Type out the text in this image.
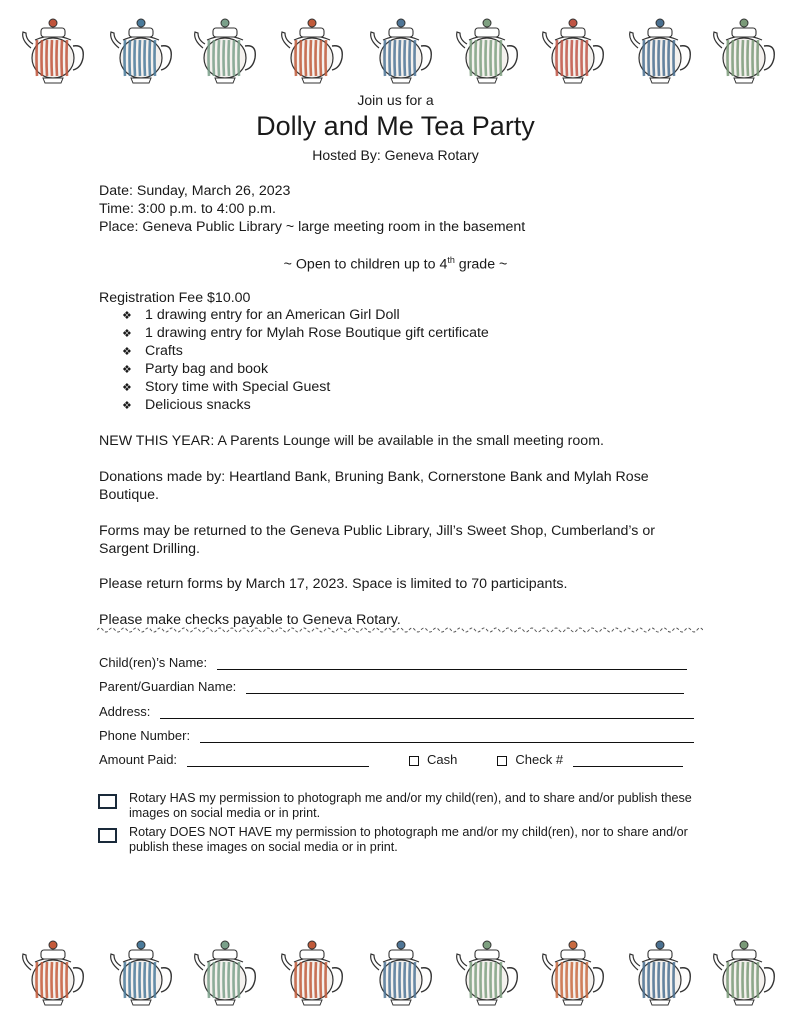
Join us for a
Dolly and Me Tea Party
Hosted By: Geneva Rotary
Date: Sunday, March 26, 2023
Time: 3:00 p.m. to 4:00 p.m.
Place: Geneva Public Library ~ large meeting room in the basement
~ Open to children up to 4th grade ~
Registration Fee $10.00
❖ 1 drawing entry for an American Girl Doll
❖ 1 drawing entry for Mylah Rose Boutique gift certificate
❖ Crafts
❖ Party bag and book
❖ Story time with Special Guest
❖ Delicious snacks
NEW THIS YEAR: A Parents Lounge will be available in the small meeting room.
Donations made by: Heartland Bank, Bruning Bank, Cornerstone Bank and Mylah Rose Boutique.
Forms may be returned to the Geneva Public Library, Jill’s Sweet Shop, Cumberland’s or Sargent Drilling.
Please return forms by March 17, 2023. Space is limited to 70 participants.
Please make checks payable to Geneva Rotary.
Child(ren)’s Name:
Parent/Guardian Name:
Address:
Phone Number:
Amount Paid:	Cash	Check #
Rotary HAS my permission to photograph me and/or my child(ren), and to share and/or publish these images on social media or in print.
Rotary DOES NOT HAVE my permission to photograph me and/or my child(ren), nor to share and/or publish these images on social media or in print.
